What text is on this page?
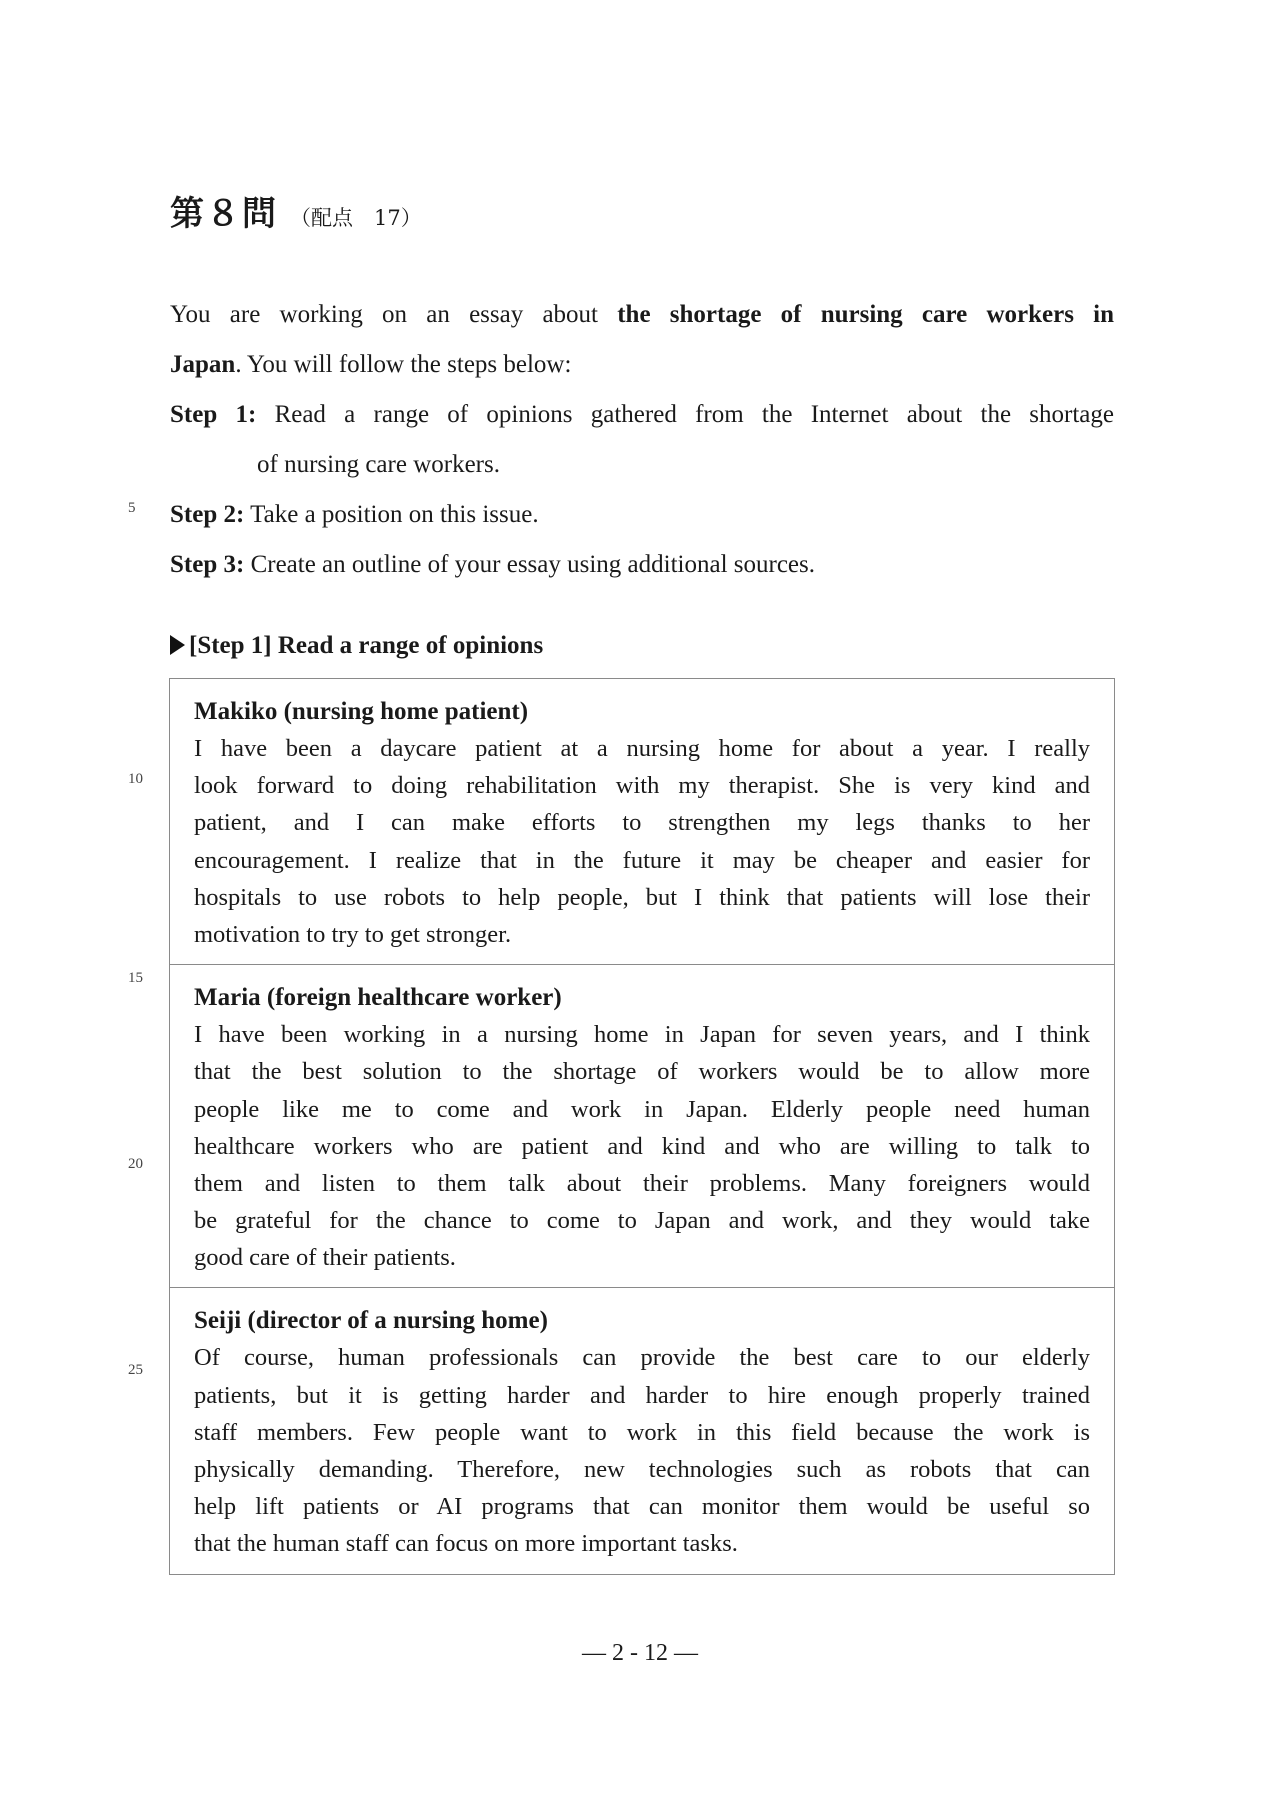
第８問 （配点　17）
You are working on an essay about the shortage of nursing care workers in
Japan. You will follow the steps below:
Step 1: Read a range of opinions gathered from the Internet about the shortage
of nursing care workers.
Step 2: Take a position on this issue.
Step 3: Create an outline of your essay using additional sources.
[Step 1] Read a range of opinions
Makiko (nursing home patient)
I have been a daycare patient at a nursing home for about a year. I really
look forward to doing rehabilitation with my therapist. She is very kind and
patient, and I can make efforts to strengthen my legs thanks to her
encouragement. I realize that in the future it may be cheaper and easier for
hospitals to use robots to help people, but I think that patients will lose their
motivation to try to get stronger.
Maria (foreign healthcare worker)
I have been working in a nursing home in Japan for seven years, and I think
that the best solution to the shortage of workers would be to allow more
people like me to come and work in Japan. Elderly people need human
healthcare workers who are patient and kind and who are willing to talk to
them and listen to them talk about their problems. Many foreigners would
be grateful for the chance to come to Japan and work, and they would take
good care of their patients.
Seiji (director of a nursing home)
Of course, human professionals can provide the best care to our elderly
patients, but it is getting harder and harder to hire enough properly trained
staff members. Few people want to work in this field because the work is
physically demanding. Therefore, new technologies such as robots that can
help lift patients or AI programs that can monitor them would be useful so
that the human staff can focus on more important tasks.
5
10
15
20
25
— 2 - 12 —
